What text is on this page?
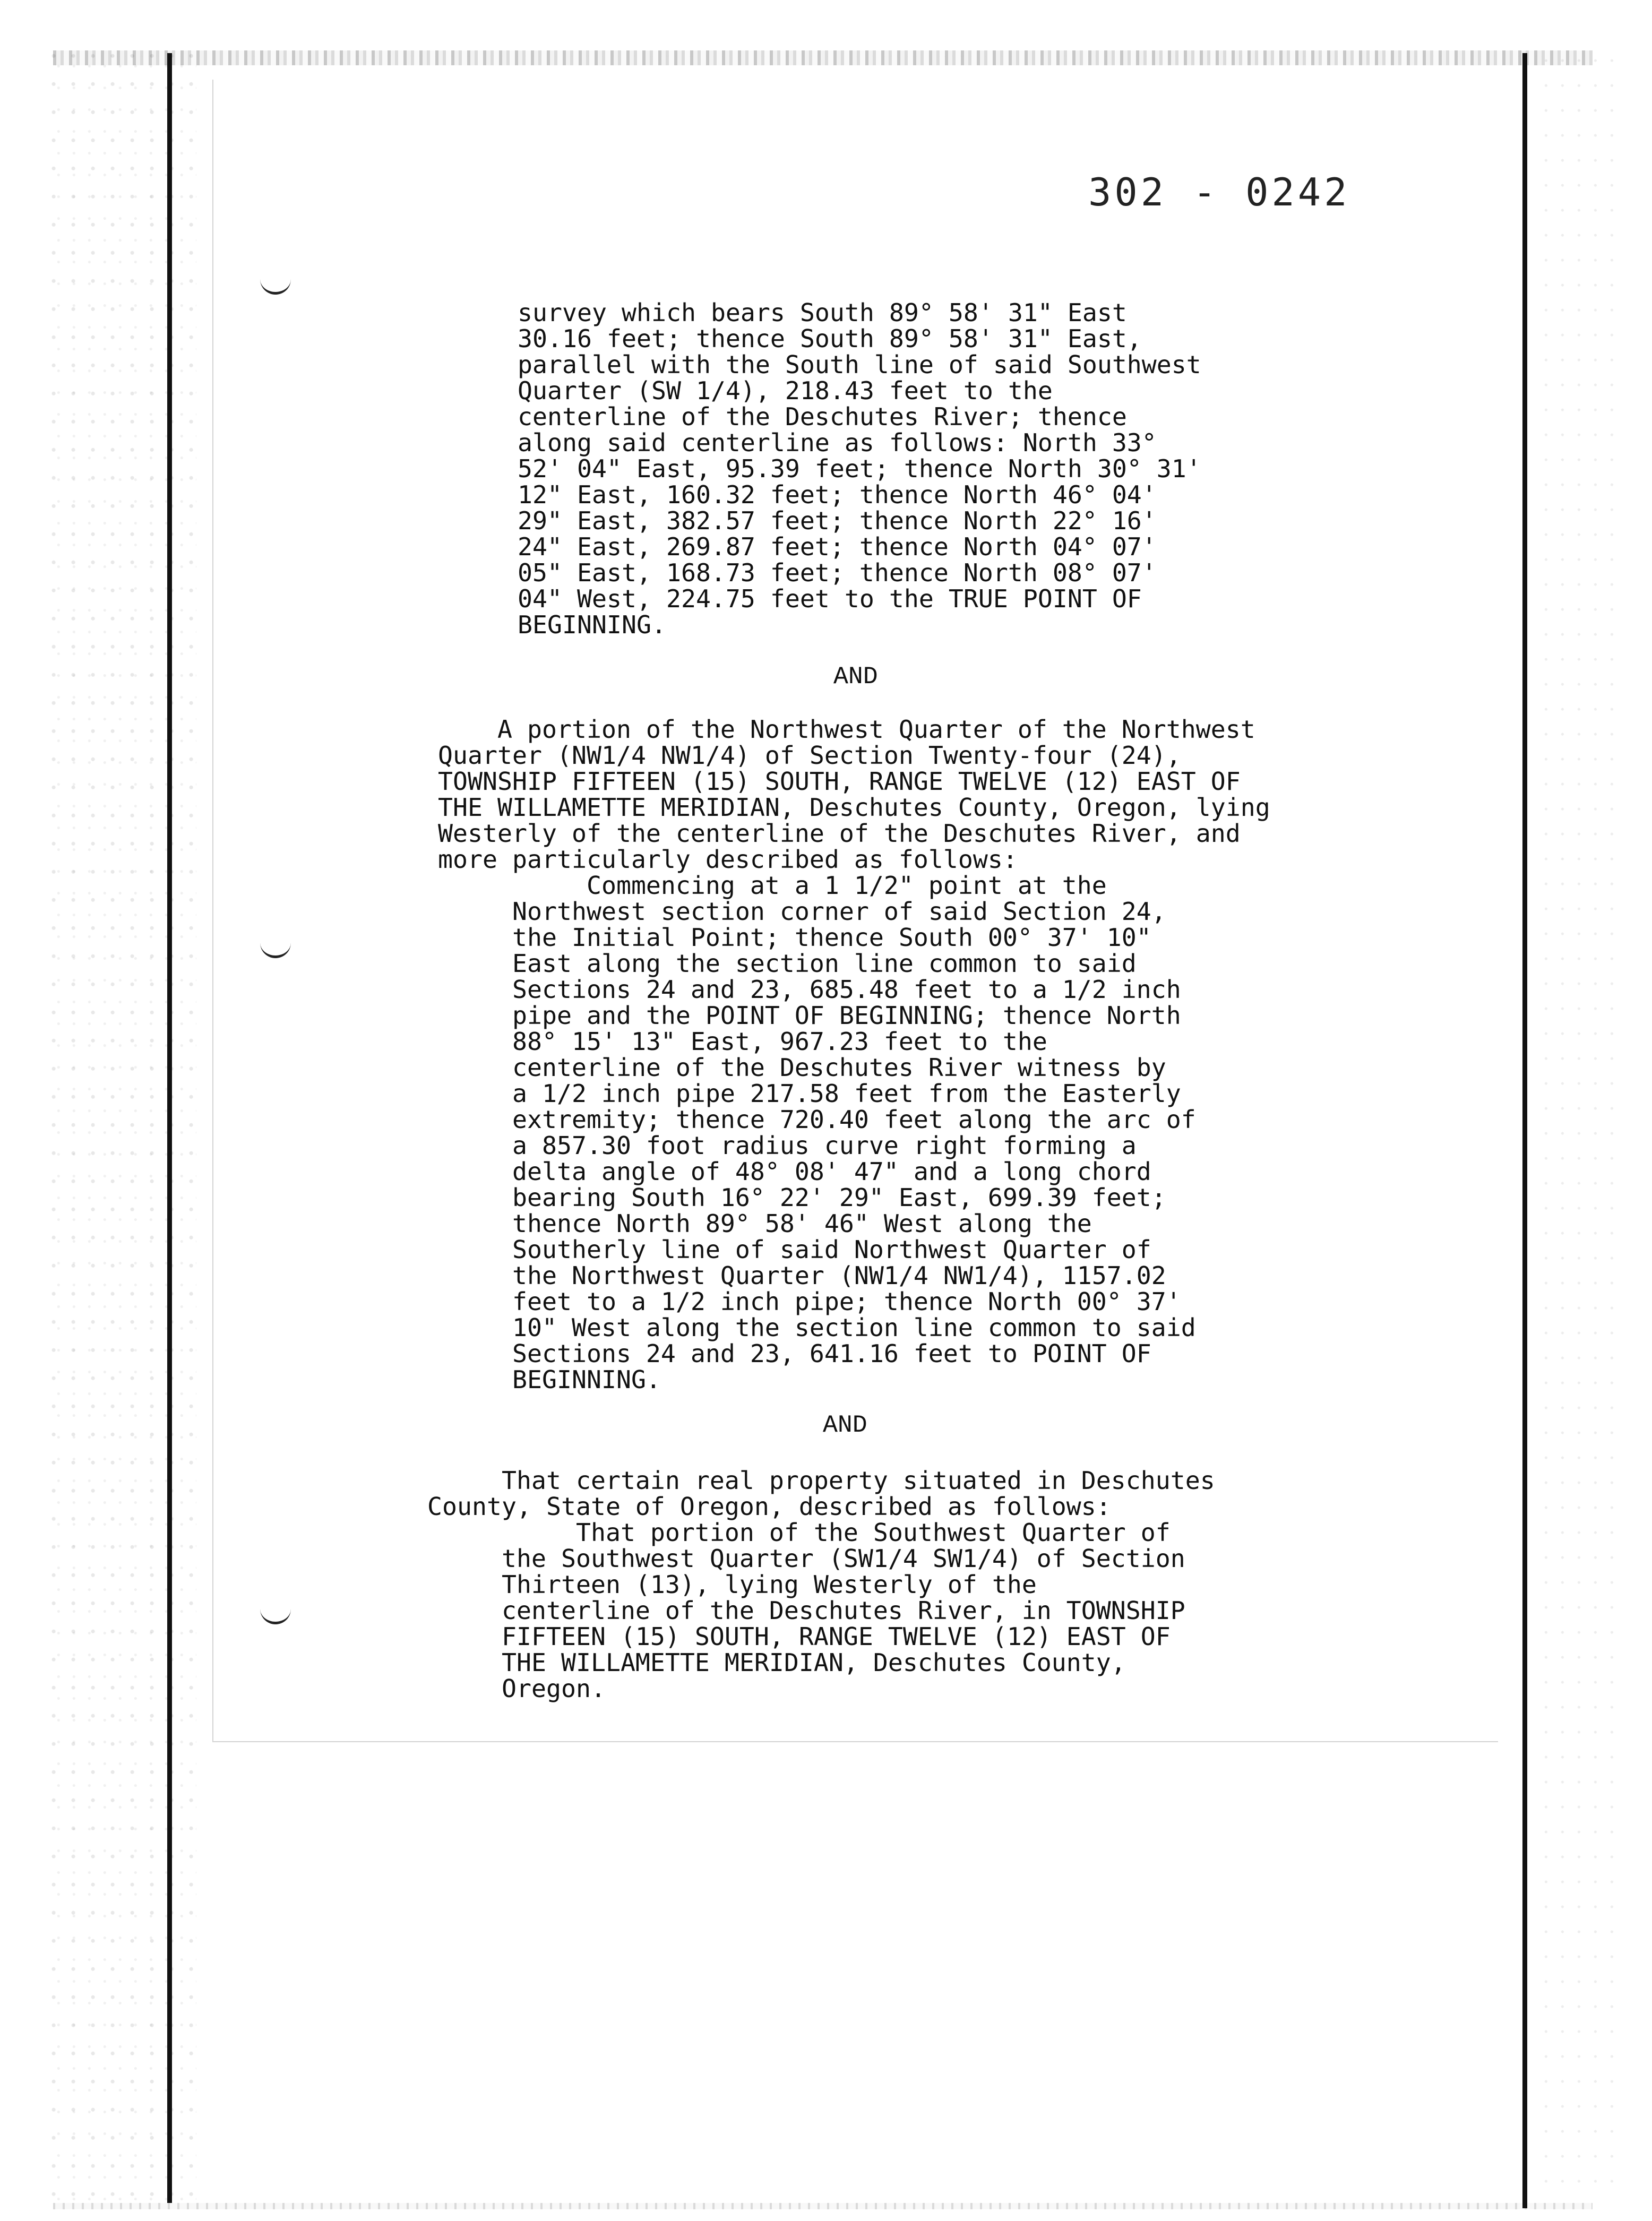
302 - 0242
survey which bears South 89° 58' 31" East
30.16 feet; thence South 89° 58' 31" East,
parallel with the South line of said Southwest
Quarter (SW 1/4), 218.43 feet to the
centerline of the Deschutes River; thence
along said centerline as follows: North 33°
52' 04" East, 95.39 feet; thence North 30° 31'
12" East, 160.32 feet; thence North 46° 04'
29" East, 382.57 feet; thence North 22° 16'
24" East, 269.87 feet; thence North 04° 07'
05" East, 168.73 feet; thence North 08° 07'
04" West, 224.75 feet to the TRUE POINT OF
BEGINNING.

AND
A portion of the Northwest Quarter of the Northwest
Quarter (NW1/4 NW1/4) of Section Twenty-four (24),
TOWNSHIP FIFTEEN (15) SOUTH, RANGE TWELVE (12) EAST OF
THE WILLAMETTE MERIDIAN, Deschutes County, Oregon, lying
Westerly of the centerline of the Deschutes River, and
more particularly described as follows:
Commencing at a 1 1/2" point at the
Northwest section corner of said Section 24,
the Initial Point; thence South 00° 37' 10"
East along the section line common to said
Sections 24 and 23, 685.48 feet to a 1/2 inch
pipe and the POINT OF BEGINNING; thence North
88° 15' 13" East, 967.23 feet to the
centerline of the Deschutes River witness by
a 1/2 inch pipe 217.58 feet from the Easterly
extremity; thence 720.40 feet along the arc of
a 857.30 foot radius curve right forming a
delta angle of 48° 08' 47" and a long chord
bearing South 16° 22' 29" East, 699.39 feet;
thence North 89° 58' 46" West along the
Southerly line of said Northwest Quarter of
the Northwest Quarter (NW1/4 NW1/4), 1157.02
feet to a 1/2 inch pipe; thence North 00° 37'
10" West along the section line common to said
Sections 24 and 23, 641.16 feet to POINT OF
BEGINNING.

AND
That certain real property situated in Deschutes
County, State of Oregon, described as follows:
That portion of the Southwest Quarter of
the Southwest Quarter (SW1/4 SW1/4) of Section
Thirteen (13), lying Westerly of the
centerline of the Deschutes River, in TOWNSHIP
FIFTEEN (15) SOUTH, RANGE TWELVE (12) EAST OF
THE WILLAMETTE MERIDIAN, Deschutes County,
Oregon.
